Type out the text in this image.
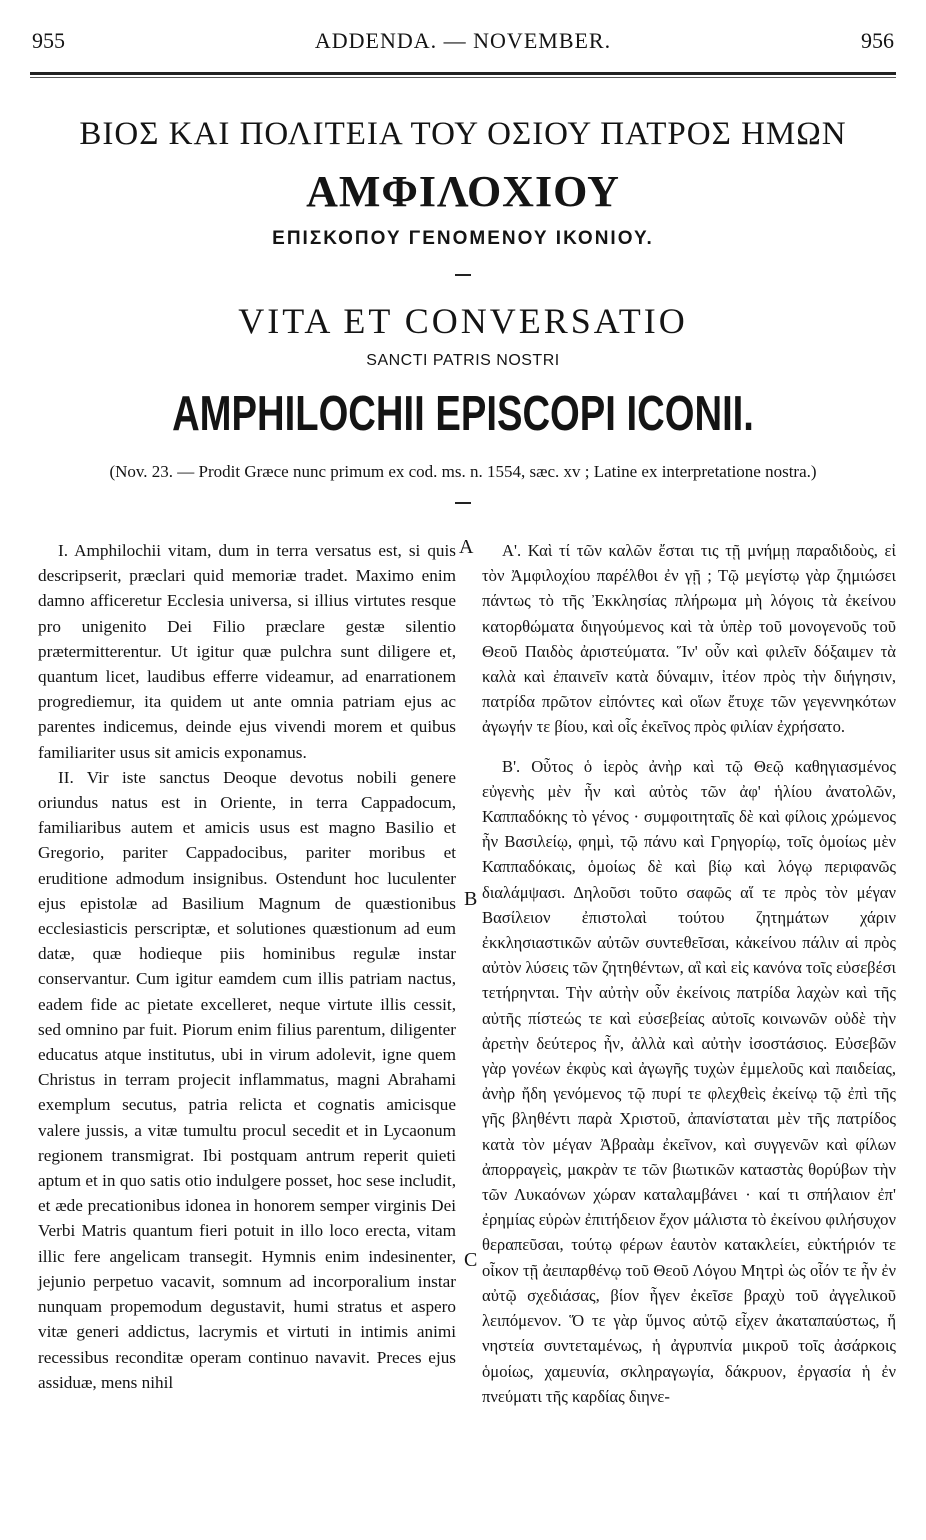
955	ADDENDA. — NOVEMBER.	956
ΒΙΟΣ ΚΑΙ ΠΟΛΙΤΕΙΑ ΤΟΥ ΟΣΙΟΥ ΠΑΤΡΟΣ ΗΜΩΝ
ΑΜΦΙΛΟΧΙΟΥ
ΕΠΙΣΚΟΠΟΥ ΓΕΝΟΜΕΝΟΥ ΙΚΟΝΙΟΥ.
VITA ET CONVERSATIO
SANCTI PATRIS NOSTRI
AMPHILOCHII EPISCOPI ICONII.
(Nov. 23. — Prodit Græce nunc primum ex cod. ms. n. 1554, sæc. xv ; Latine ex interpretatione nostra.)

I. Amphilochii vitam, dum in terra versatus est, si quis descripserit, præclari quid memoriæ tradet. Maximo enim damno afficeretur Ecclesia universa, si illius virtutes resque pro unigenito Dei Filio præclare gestæ silentio prætermitterentur. Ut igitur quæ pulchra sunt diligere et, quantum licet, laudibus efferre videamur, ad enarrationem progrediemur, ita quidem ut ante omnia patriam ejus ac parentes indicemus, deinde ejus vivendi morem et quibus familiariter usus sit amicis exponamus.

II. Vir iste sanctus Deoque devotus nobili genere oriundus natus est in Oriente, in terra Cappadocum, familiaribus autem et amicis usus est magno Basilio et Gregorio, pariter Cappadocibus, pariter moribus et eruditione admodum insignibus. Ostendunt hoc luculenter ejus epistolæ ad Basilium Magnum de quæstionibus ecclesiasticis perscriptæ, et solutiones quæstionum ad eum datæ, quæ hodieque piis hominibus regulæ instar conservantur. Cum igitur eamdem cum illis patriam nactus, eadem fide ac pietate excelleret, neque virtute illis cessit, sed omnino par fuit. Piorum enim filius parentum, diligenter educatus atque institutus, ubi in virum adolevit, igne quem Christus in terram projecit inflammatus, magni Abrahami exemplum secutus, patria relicta et cognatis amicisque valere jussis, a vitæ tumultu procul secedit et in Lycaonum regionem transmigrat. Ibi postquam antrum reperit quieti aptum et in quo satis otio indulgere posset, hoc sese includit, et æde precationibus idonea in honorem semper virginis Dei Verbi Matris quantum fieri potuit in illo loco erecta, vitam illic fere angelicam transegit. Hymnis enim indesinenter, jejunio perpetuo vacavit, somnum ad incorporalium instar nunquam propemodum degustavit, humi stratus et aspero vitæ generi addictus, lacrymis et virtuti in intimis animi recessibus reconditæ operam continuo navavit. Preces ejus assiduæ, mens nihil

A
B
C

Α'. Καὶ τί τῶν καλῶν ἔσται τις τῇ μνήμῃ παραδιδοὺς, εἰ τὸν Ἀμφιλοχίου παρέλθοι ἐν γῇ ; Τῷ μεγίστῳ γὰρ ζημιώσει πάντως τὸ τῆς Ἐκκλησίας πλήρωμα μὴ λόγοις τὰ ἐκείνου κατορθώματα διηγούμενος καὶ τὰ ὑπὲρ τοῦ μονογενοῦς τοῦ Θεοῦ Παιδὸς ἀριστεύματα. Ἵν' οὖν καὶ φιλεῖν δόξαιμεν τὰ καλὰ καὶ ἐπαινεῖν κατὰ δύναμιν, ἰτέον πρὸς τὴν διήγησιν, πατρίδα πρῶτον εἰπόντες καὶ οἵων ἔτυχε τῶν γεγεννηκότων ἀγωγήν τε βίου, καὶ οἷς ἐκεῖνος πρὸς φιλίαν ἐχρήσατο.

Β'. Οὗτος ὁ ἱερὸς ἀνὴρ καὶ τῷ Θεῷ καθηγιασμένος εὐγενὴς μὲν ἦν καὶ αὐτὸς τῶν ἀφ' ἡλίου ἀνατολῶν, Καππαδόκης τὸ γένος · συμφοιτηταῖς δὲ καὶ φίλοις χρώμενος ἦν Βασιλείῳ, φημὶ, τῷ πάνυ καὶ Γρηγορίῳ, τοῖς ὁμοίως μὲν Καππαδόκαις, ὁμοίως δὲ καὶ βίῳ καὶ λόγῳ περιφανῶς διαλάμψασι. Δηλοῦσι τοῦτο σαφῶς αἵ τε πρὸς τὸν μέγαν Βασίλειον ἐπιστολαὶ τούτου ζητημάτων χάριν ἐκκλησιαστικῶν αὐτῶν συντεθεῖσαι, κἀκείνου πάλιν αἱ πρὸς αὐτὸν λύσεις τῶν ζητηθέντων, αἳ καὶ εἰς κανόνα τοῖς εὐσεβέσι τετήρηνται. Τὴν αὐτὴν οὖν ἐκείνοις πατρίδα λαχὼν καὶ τῆς αὐτῆς πίστεώς τε καὶ εὐσεβείας αὐτοῖς κοινωνῶν οὐδὲ τὴν ἀρετὴν δεύτερος ἦν, ἀλλὰ καὶ αὐτὴν ἰσοστάσιος. Εὐσεβῶν γὰρ γονέων ἐκφὺς καὶ ἀγωγῆς τυχὼν ἐμμελοῦς καὶ παιδείας, ἀνὴρ ἤδη γενόμενος τῷ πυρί τε φλεχθεὶς ἐκείνῳ τῷ ἐπὶ τῆς γῆς βληθέντι παρὰ Χριστοῦ, ἀπανίσταται μὲν τῆς πατρίδος κατὰ τὸν μέγαν Ἀβραὰμ ἐκεῖνον, καὶ συγγενῶν καὶ φίλων ἀπορραγεὶς, μακρὰν τε τῶν βιωτικῶν καταστὰς θορύβων τὴν τῶν Λυκαόνων χώραν καταλαμβάνει · καί τι σπήλαιον ἐπ' ἐρημίας εὑρὼν ἐπιτήδειον ἔχον μάλιστα τὸ ἐκείνου φιλήσυχον θεραπεῦσαι, τούτῳ φέρων ἑαυτὸν κατακλείει, εὐκτήριόν τε οἶκον τῇ ἀειπαρθένῳ τοῦ Θεοῦ Λόγου Μητρὶ ὡς οἷόν τε ἦν ἐν αὐτῷ σχεδιάσας, βίον ἦγεν ἐκεῖσε βραχὺ τοῦ ἀγγελικοῦ λειπόμενον. Ὅ τε γὰρ ὕμνος αὐτῷ εἶχεν ἀκαταπαύστως, ἥ νηστεία συντεταμένως, ἡ ἀγρυπνία μικροῦ τοῖς ἀσάρκοις ὁμοίως, χαμευνία, σκληραγωγία, δάκρυον, ἐργασία ἡ ἐν πνεύματι τῆς καρδίας διηνε-
